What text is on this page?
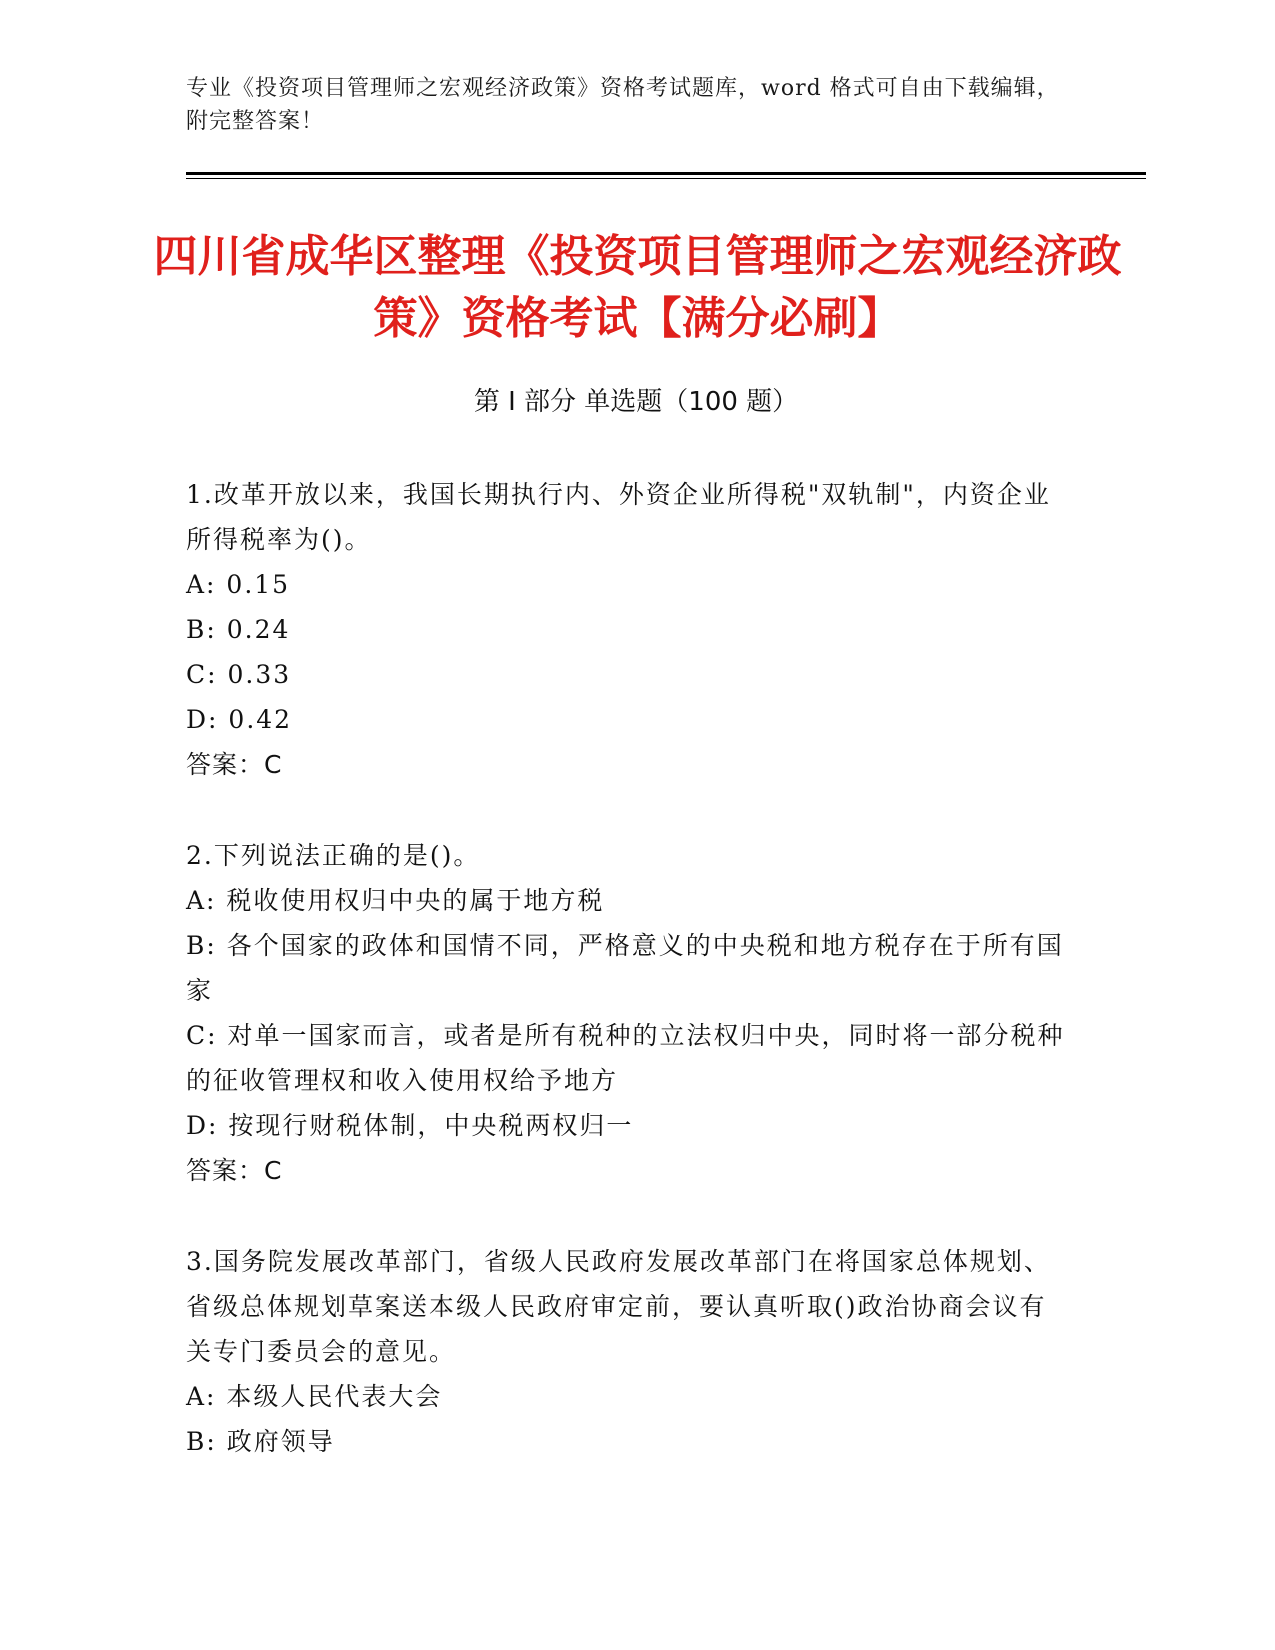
专业《投资项目管理师之宏观经济政策》资格考试题库，word 格式可自由下载编辑，附完整答案！
四川省成华区整理《投资项目管理师之宏观经济政策》资格考试【满分必刷】
第 I 部分 单选题（100 题）

1.改革开放以来，我国长期执行内、外资企业所得税"双轨制"，内资企业所得税率为()。

A: 0.15

B: 0.24

C: 0.33

D: 0.42

答案：C

2.下列说法正确的是()。

A: 税收使用权归中央的属于地方税

B: 各个国家的政体和国情不同，严格意义的中央税和地方税存在于所有国家

C: 对单一国家而言，或者是所有税种的立法权归中央，同时将一部分税种的征收管理权和收入使用权给予地方

D: 按现行财税体制，中央税两权归一

答案：C

3.国务院发展改革部门，省级人民政府发展改革部门在将国家总体规划、省级总体规划草案送本级人民政府审定前，要认真听取()政治协商会议有关专门委员会的意见。

A: 本级人民代表大会

B: 政府领导
